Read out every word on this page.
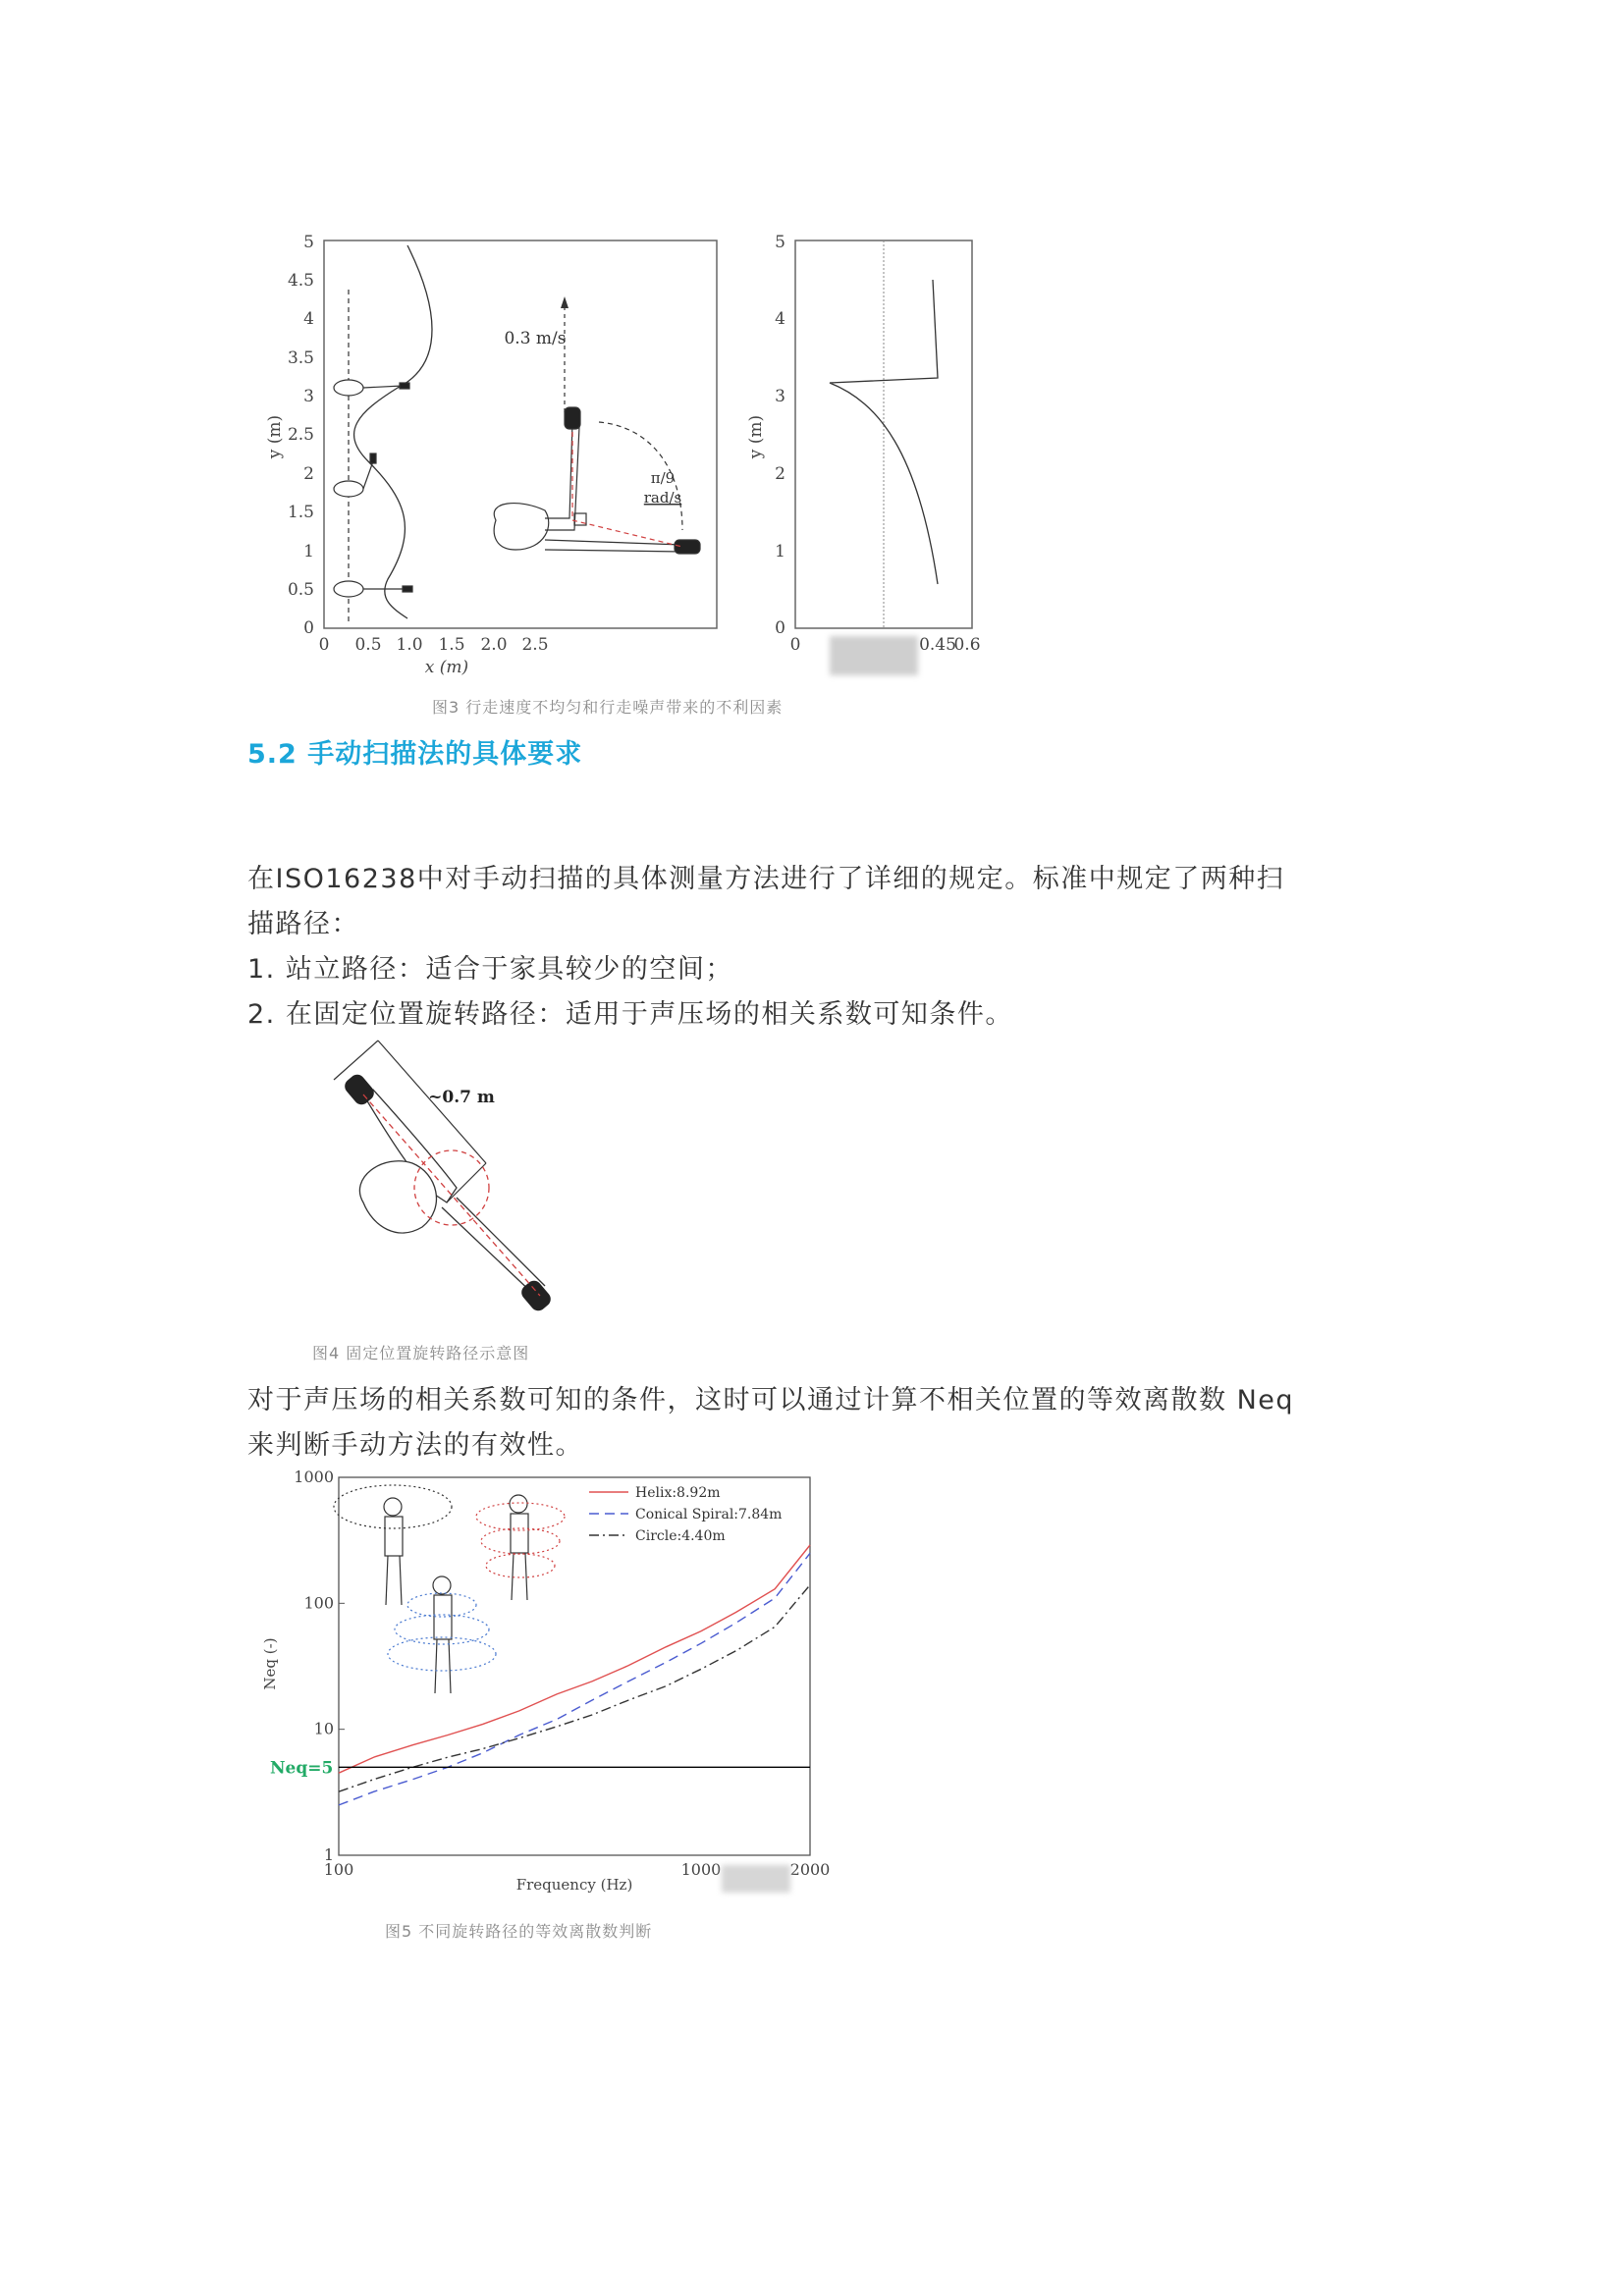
0
0.5
1
1.5
2
2.5
3
3.5
4
4.5
5
y (m)
0 0.5 1.0 1.5 2.0 2.5
x (m)
0.3 m/s
π/9
rad/s
0
1
2
3
4
5
y (m)
0	0.45
0.6
图3 行走速度不均匀和行走噪声带来的不利因素
5.2 手动扫描法的具体要求
在ISO16238中对手动扫描的具体测量方法进行了详细的规定。标准中规定了两种扫
描路径：
1. 站立路径：适合于家具较少的空间；
2. 在固定位置旋转路径：适用于声压场的相关系数可知条件。
~0.7 m
图4 固定位置旋转路径示意图
对于声压场的相关系数可知的条件，这时可以通过计算不相关位置的等效离散数 Neq
来判断手动方法的有效性。
1
10
100
1000
100	1000	2000
Helix:8.92m
Conical Spiral:7.84m
Circle:4.40m
Neq=5
Frequency (Hz)
Neq (-)
图5 不同旋转路径的等效离散数判断
